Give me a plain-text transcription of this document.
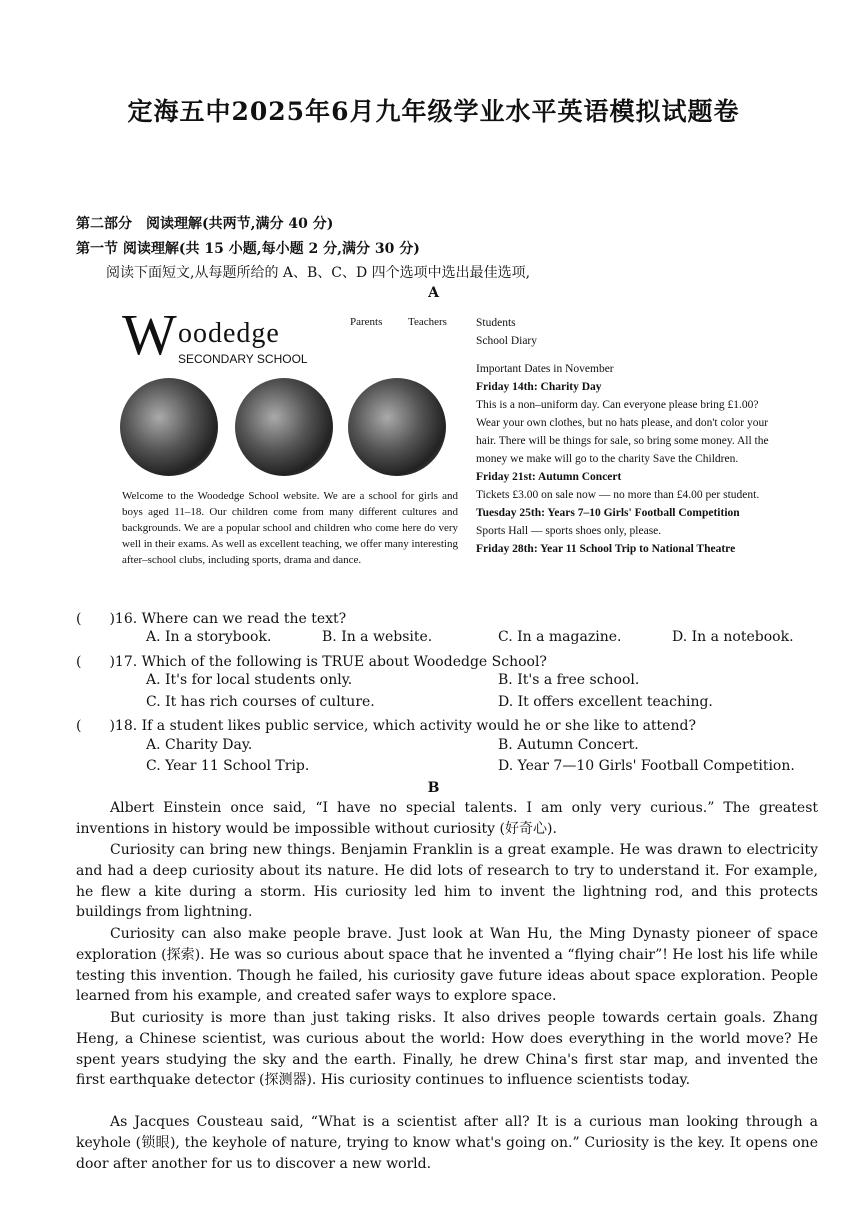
定海五中2025年6月九年级学业水平英语模拟试题卷
第二部分　阅读理解(共两节,满分 40 分)
第一节 阅读理解(共 15 小题,每小题 2 分,满分 30 分)
阅读下面短文,从每题所给的 A、B、C、D 四个选项中选出最佳选项,
A
W oodedge
SECONDARY SCHOOL
Parents Teachers
Welcome to the Woodedge School website. We are a school for girls and boys aged 11–18. Our children come from many different cultures and backgrounds. We are a popular school and children who come here do very well in their exams. As well as excellent teaching, we offer many interesting after–school clubs, including sports, drama and dance.
Students
School Diary
Important Dates in November
Friday 14th: Charity Day
This is a non–uniform day. Can everyone please bring £1.00? Wear your own clothes, but no hats please, and don't color your hair. There will be things for sale, so bring some money. All the money we make will go to the charity Save the Children.
Friday 21st: Autumn Concert
Tickets £3.00 on sale now — no more than £4.00 per student.
Tuesday 25th: Years 7–10 Girls' Football Competition
Sports Hall — sports shoes only, please.
Friday 28th: Year 11 School Trip to National Theatre
(　　)16. Where can we read the text?
A. In a storybook.	B. In a website.	C. In a magazine.	D. In a notebook.
(　　)17. Which of the following is TRUE about Woodedge School?
A. It's for local students only.	B. It's a free school.
C. It has rich courses of culture.	D. It offers excellent teaching.
(　　)18. If a student likes public service, which activity would he or she like to attend?
A. Charity Day.	B. Autumn Concert.
C. Year 11 School Trip.	D. Year 7—10 Girls' Football Competition.
B
Albert Einstein once said, “I have no special talents. I am only very curious.” The greatest inventions in history would be impossible without curiosity (好奇心).
Curiosity can bring new things. Benjamin Franklin is a great example. He was drawn to electricity and had a deep curiosity about its nature. He did lots of research to try to understand it. For example, he flew a kite during a storm. His curiosity led him to invent the lightning rod, and this protects buildings from lightning.
Curiosity can also make people brave. Just look at Wan Hu, the Ming Dynasty pioneer of space exploration (探索). He was so curious about space that he invented a “flying chair”! He lost his life while testing this invention. Though he failed, his curiosity gave future ideas about space exploration. People learned from his example, and created safer ways to explore space.
But curiosity is more than just taking risks. It also drives people towards certain goals. Zhang Heng, a Chinese scientist, was curious about the world: How does everything in the world move? He spent years studying the sky and the earth. Finally, he drew China's first star map, and invented the first earthquake detector (探测器). His curiosity continues to influence scientists today.
As Jacques Cousteau said, “What is a scientist after all? It is a curious man looking through a keyhole (锁眼), the keyhole of nature, trying to know what's going on.” Curiosity is the key. It opens one door after another for us to discover a new world.
